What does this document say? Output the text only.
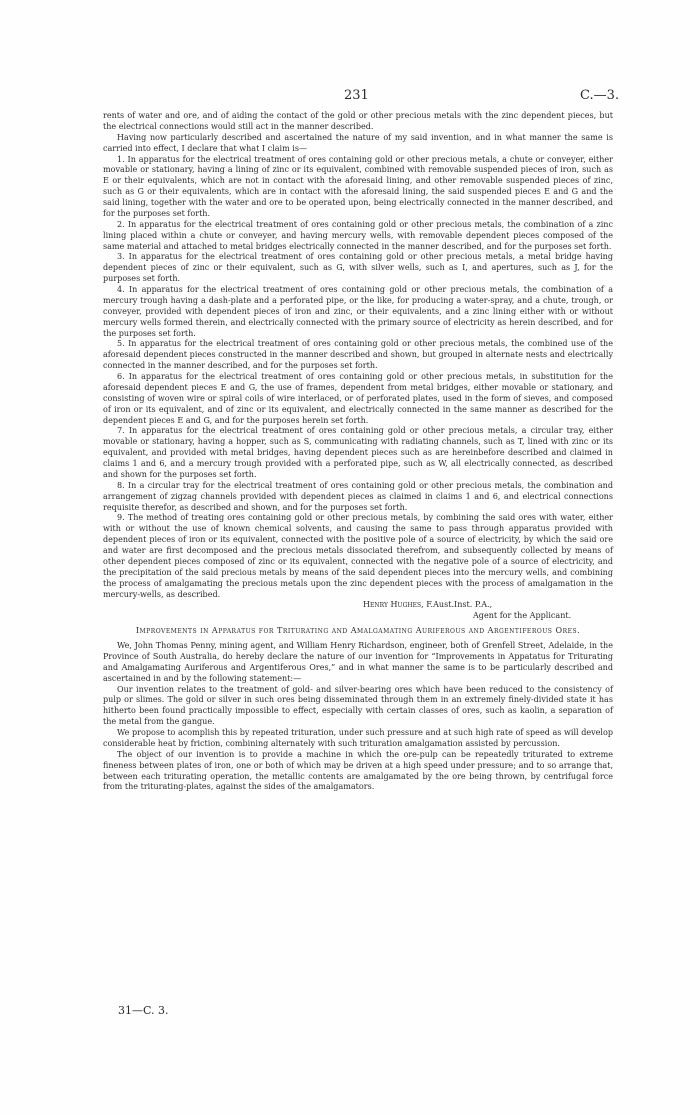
231	C.—3.

rents of water and ore, and of aiding the contact of the gold or other precious metals with the zinc dependent pieces, but the electrical connections would still act in the manner described.

Having now particularly described and ascertained the nature of my said invention, and in what manner the same is carried into effect, I declare that what I claim is—

1. In apparatus for the electrical treatment of ores containing gold or other precious metals, a chute or conveyer, either movable or stationary, having a lining of zinc or its equivalent, combined with removable suspended pieces of iron, such as E or their equivalents, which are not in contact with the aforesaid lining, and other removable suspended pieces of zinc, such as G or their equivalents, which are in contact with the aforesaid lining, the said suspended pieces E and G and the said lining, together with the water and ore to be operated upon, being electrically connected in the manner described, and for the purposes set forth.

2. In apparatus for the electrical treatment of ores containing gold or other precious metals, the combination of a zinc lining placed within a chute or conveyer, and having mercury wells, with removable dependent pieces composed of the same material and attached to metal bridges electrically connected in the manner described, and for the purposes set forth.

3. In apparatus for the electrical treatment of ores containing gold or other precious metals, a metal bridge having dependent pieces of zinc or their equivalent, such as G, with silver wells, such as I, and apertures, such as J, for the purposes set forth.

4. In apparatus for the electrical treatment of ores containing gold or other precious metals, the combination of a mercury trough having a dash-plate and a perforated pipe, or the like, for producing a water-spray, and a chute, trough, or conveyer, provided with dependent pieces of iron and zinc, or their equivalents, and a zinc lining either with or without mercury wells formed therein, and electrically connected with the primary source of electricity as herein described, and for the purposes set forth.

5. In apparatus for the electrical treatment of ores containing gold or other precious metals, the combined use of the aforesaid dependent pieces constructed in the manner described and shown, but grouped in alternate nests and electrically connected in the manner described, and for the purposes set forth.

6. In apparatus for the electrical treatment of ores containing gold or other precious metals, in substitution for the aforesaid dependent pieces E and G, the use of frames, dependent from metal bridges, either movable or stationary, and consisting of woven wire or spiral coils of wire interlaced, or of perforated plates, used in the form of sieves, and composed of iron or its equivalent, and of zinc or its equivalent, and electrically connected in the same manner as described for the dependent pieces E and G, and for the purposes herein set forth.

7. In apparatus for the electrical treatment of ores containing gold or other precious metals, a circular tray, either movable or stationary, having a hopper, such as S, communicating with radiating channels, such as T, lined with zinc or its equivalent, and provided with metal bridges, having dependent pieces such as are hereinbefore described and claimed in claims 1 and 6, and a mercury trough provided with a perforated pipe, such as W, all electrically connected, as described and shown for the purposes set forth.

8. In a circular tray for the electrical treatment of ores containing gold or other precious metals, the combination and arrangement of zigzag channels provided with dependent pieces as claimed in claims 1 and 6, and electrical connections requisite therefor, as described and shown, and for the purposes set forth.

9. The method of treating ores containing gold or other precious metals, by combining the said ores with water, either with or without the use of known chemical solvents, and causing the same to pass through apparatus provided with dependent pieces of iron or its equivalent, connected with the positive pole of a source of electricity, by which the said ore and water are first decomposed and the precious metals dissociated therefrom, and subsequently collected by means of other dependent pieces composed of zinc or its equivalent, connected with the negative pole of a source of electricity, and the precipitation of the said precious metals by means of the said dependent pieces into the mercury wells, and combining the process of amalgamating the precious metals upon the zinc dependent pieces with the process of amalgamation in the mercury-wells, as described.

Henry Hughes, F.Aust.Inst. P.A.,

Agent for the Applicant.

Improvements in Apparatus for Triturating and Amalgamating Auriferous and Argentiferous Ores.

We, John Thomas Penny, mining agent, and William Henry Richardson, engineer, both of Grenfell Street, Adelaide, in the Province of South Australia, do hereby declare the nature of our invention for “Improvements in Appatatus for Triturating and Amalgamating Auriferous and Argentiferous Ores,” and in what manner the same is to be particularly described and ascertained in and by the following statement:—

Our invention relates to the treatment of gold- and silver-bearing ores which have been reduced to the consistency of pulp or slimes. The gold or silver in such ores being disseminated through them in an extremely finely-divided state it has hitherto been found practically impossible to effect, especially with certain classes of ores, such as kaolin, a separation of the metal from the gangue.

We propose to acomplish this by repeated trituration, under such pressure and at such high rate of speed as will develop considerable heat by friction, combining alternately with such trituration amalgamation assisted by percussion.

The object of our invention is to provide a machine in which the ore-pulp can be repeatedly triturated to extreme fineness between plates of iron, one or both of which may be driven at a high speed under pressure; and to so arrange that, between each triturating operation, the metallic contents are amalgamated by the ore being thrown, by centrifugal force from the triturating-plates, against the sides of the amalgamators.

31—C. 3.
